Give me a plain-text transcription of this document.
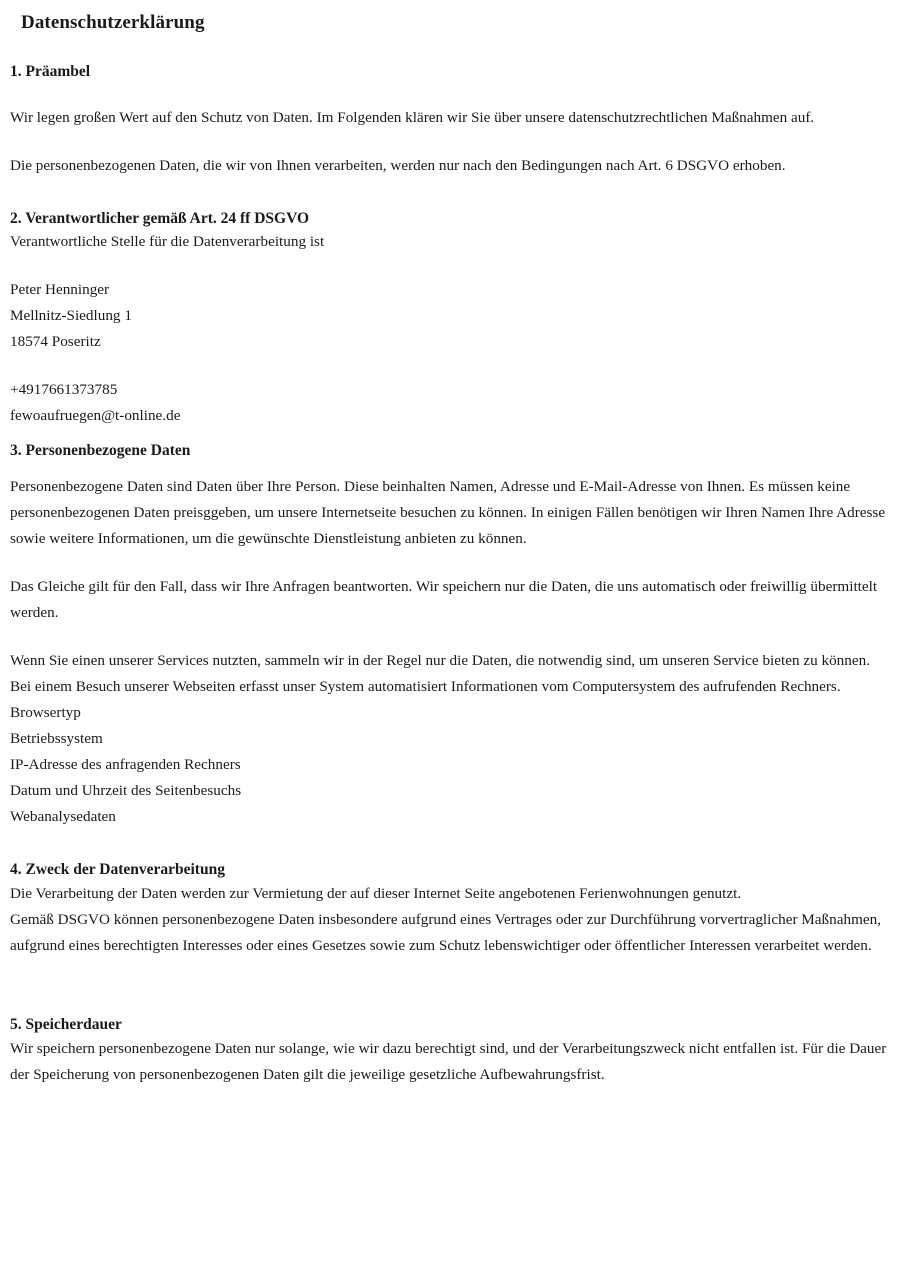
Datenschutzerklärung
1. Präambel

Wir legen großen Wert auf den Schutz von Daten. Im Folgenden klären wir Sie über unsere datenschutzrechtlichen Maßnahmen auf.

Die personenbezogenen Daten, die wir von Ihnen verarbeiten, werden nur nach den Bedingungen nach Art. 6 DSGVO erhoben.

2. Verantwortlicher gemäß Art. 24 ff DSGVO

Verantwortliche Stelle für die Datenverarbeitung ist

Peter Henninger

Mellnitz-Siedlung 1

18574 Poseritz

+4917661373785

fewoaufruegen@t-online.de

3. Personenbezogene Daten

Personenbezogene Daten sind Daten über Ihre Person. Diese beinhalten Namen, Adresse und E-Mail-Adresse von Ihnen. Es müssen keine personenbezogenen Daten preisggeben, um unsere Internetseite besuchen zu können. In einigen Fällen benötigen wir Ihren Namen Ihre Adresse sowie weitere Informationen, um die gewünschte Dienstleistung anbieten zu können.

Das Gleiche gilt für den Fall, dass wir Ihre Anfragen beantworten. Wir speichern nur die Daten, die uns automatisch oder freiwillig übermittelt werden.

Wenn Sie einen unserer Services nutzten, sammeln wir in der Regel nur die Daten, die notwendig sind, um unseren Service bieten zu können.

Bei einem Besuch unserer Webseiten erfasst unser System automatisiert Informationen vom Computersystem des aufrufenden Rechners.

Browsertyp

Betriebssystem

IP-Adresse des anfragenden Rechners

Datum und Uhrzeit des Seitenbesuchs

Webanalysedaten

4. Zweck der Datenverarbeitung

Die Verarbeitung der Daten werden zur Vermietung der auf dieser Internet Seite angebotenen Ferienwohnungen genutzt.

Gemäß DSGVO können personenbezogene Daten insbesondere aufgrund eines Vertrages oder zur Durchführung vorvertraglicher Maßnahmen, aufgrund eines berechtigten Interesses oder eines Gesetzes sowie zum Schutz lebenswichtiger oder öffentlicher Interessen verarbeitet werden.

5. Speicherdauer

Wir speichern personenbezogene Daten nur solange, wie wir dazu berechtigt sind, und der Verarbeitungszweck nicht entfallen ist. Für die Dauer der Speicherung von personenbezogenen Daten gilt die jeweilige gesetzliche Aufbewahrungsfrist.
